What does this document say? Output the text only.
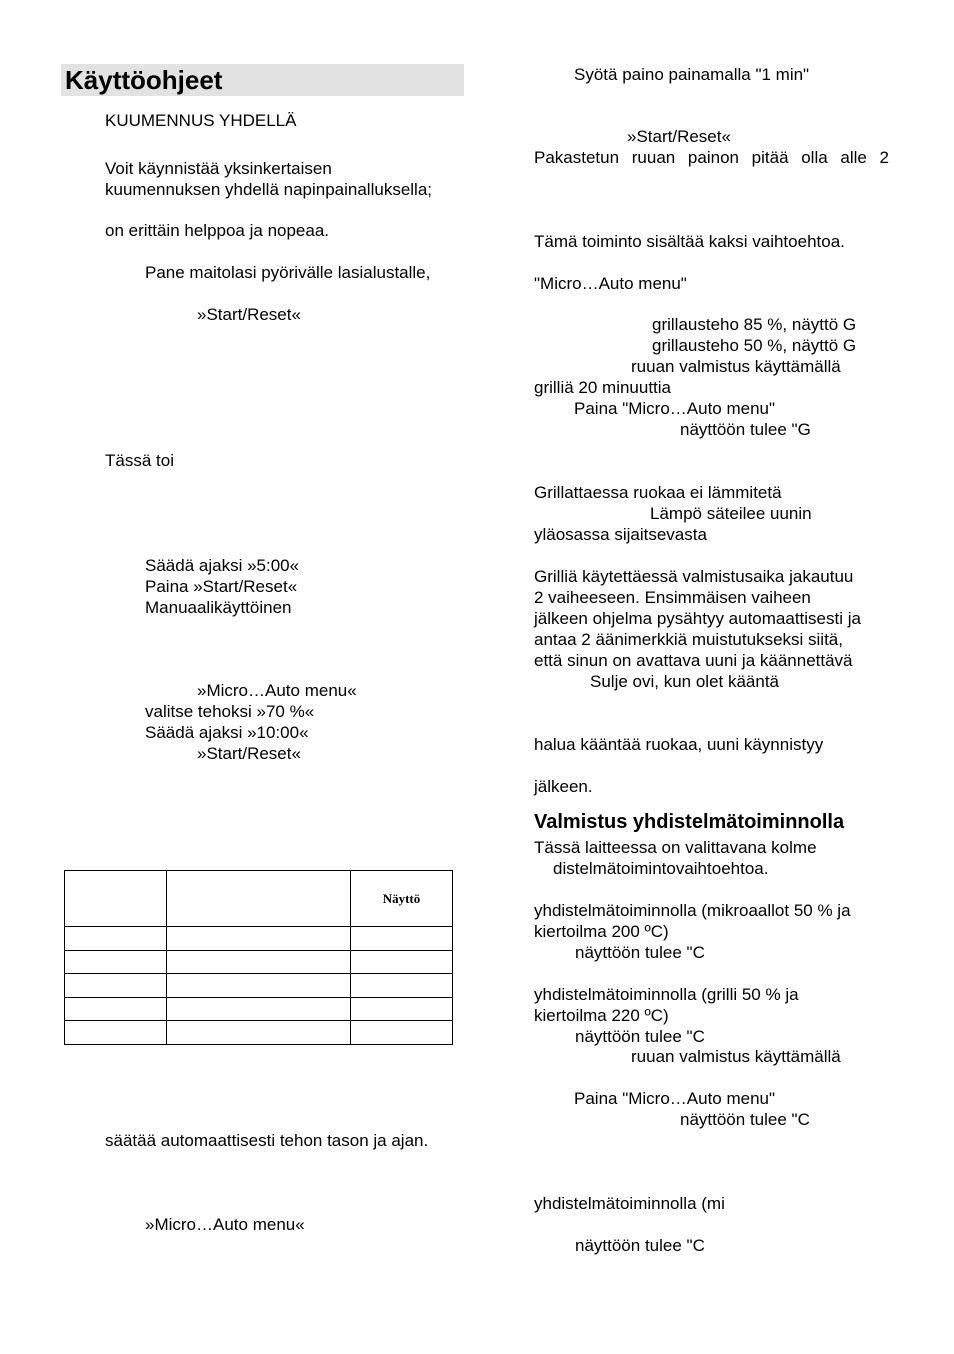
Käyttöohjeet
KUUMENNUS YHDELLÄ
Voit käynnistää yksinkertaisen
kuumennuksen yhdellä napinpainalluksella;
on erittäin helppoa ja nopeaa.
Pane maitolasi pyörivälle lasialustalle,
»Start/Reset«
Tässä toi
Säädä ajaksi »5:00«
Paina »Start/Reset«
Manuaalikäyttöinen
»Micro…Auto menu«
valitse tehoksi »70 %«
Säädä ajaksi »10:00«
»Start/Reset«
		Näyttö

säätää automaattisesti tehon tason ja ajan.
»Micro…Auto menu«
Syötä paino painamalla "1 min"
»Start/Reset«
Pakastetun ruuan painon pitää olla alle 2
Tämä toiminto sisältää kaksi vaihtoehtoa.
"Micro…Auto menu"
grillausteho 85 %, näyttö G
grillausteho 50 %, näyttö G
ruuan valmistus käyttämällä
grilliä 20 minuuttia
Paina "Micro…Auto menu"
näyttöön tulee "G
Grillattaessa ruokaa ei lämmitetä
Lämpö säteilee uunin
yläosassa sijaitsevasta
Grilliä käytettäessä valmistusaika jakautuu
2 vaiheeseen. Ensimmäisen vaiheen
jälkeen ohjelma pysähtyy automaattisesti ja
antaa 2 äänimerkkiä muistutukseksi siitä,
että sinun on avattava uuni ja käännettävä
Sulje ovi, kun olet kääntä
halua kääntää ruokaa, uuni käynnistyy
jälkeen.
Valmistus yhdistelmätoiminnolla
Tässä laitteessa on valittavana kolme
distelmätoimintovaihtoehtoa.
yhdistelmätoiminnolla (mikroaallot 50 % ja
kiertoilma 200 ºC)
näyttöön tulee "C
yhdistelmätoiminnolla (grilli 50 % ja
kiertoilma 220 ºC)
näyttöön tulee "C
ruuan valmistus käyttämällä
Paina "Micro…Auto menu"
näyttöön tulee "C
yhdistelmätoiminnolla (mi
näyttöön tulee "C
